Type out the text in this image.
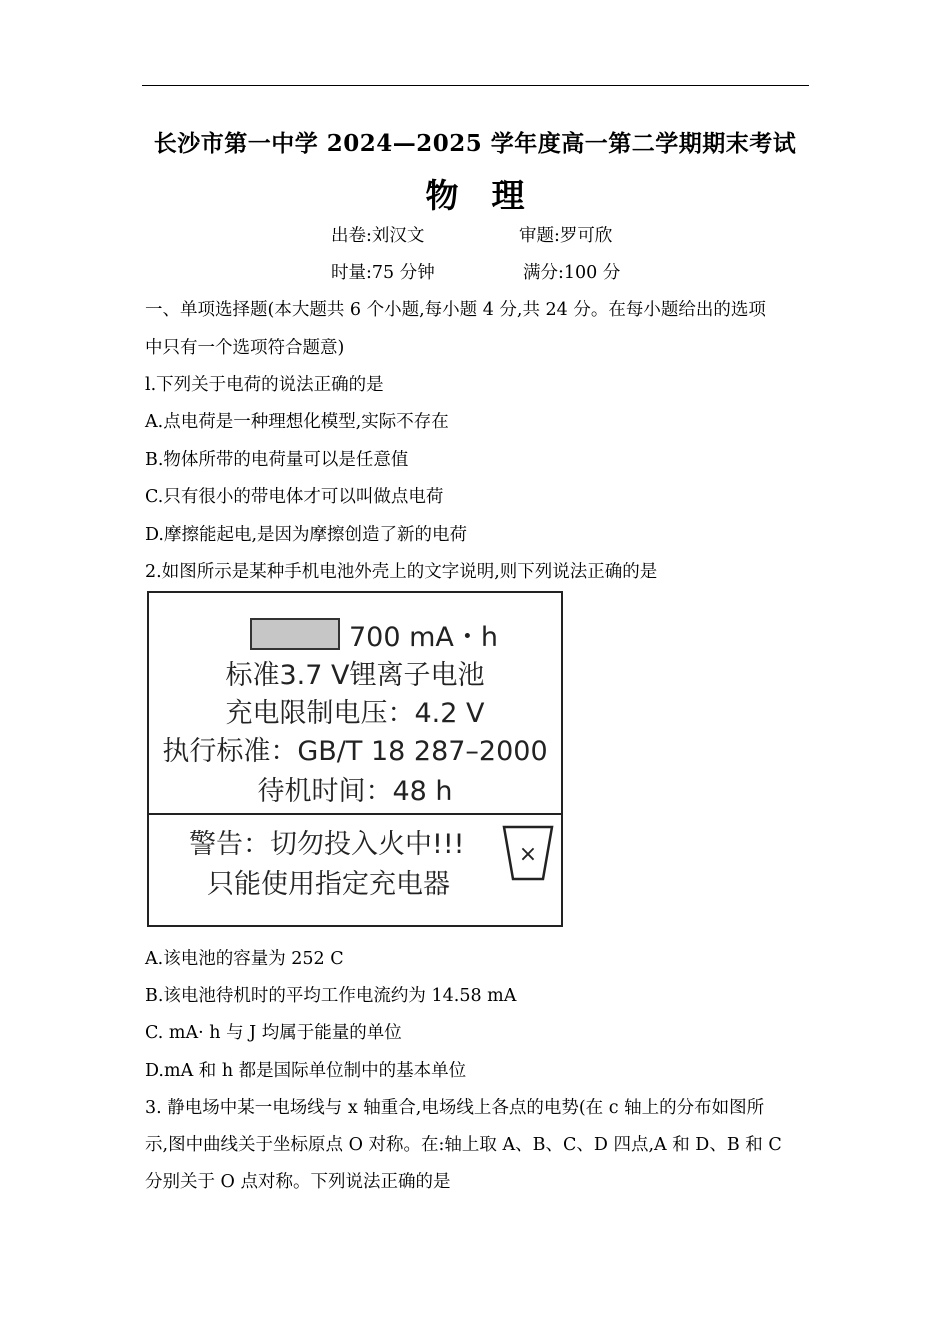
长沙市第一中学 2024—2025 学年度高一第二学期期末考试
物　理
出卷:刘汉文	审题:罗可欣
时量:75 分钟	满分:100 分
一、单项选择题(本大题共 6 个小题,每小题 4 分,共 24 分。在每小题给出的选项
中只有一个选项符合题意)
l.下列关于电荷的说法正确的是
A.点电荷是一种理想化模型,实际不存在
B.物体所带的电荷量可以是任意值
C.只有很小的带电体才可以叫做点电荷
D.摩擦能起电,是因为摩擦创造了新的电荷
2.如图所示是某种手机电池外壳上的文字说明,则下列说法正确的是
700 mA・h
标准3.7 V锂离子电池
充电限制电压：4.2 V
执行标准：GB/T 18 287–2000
待机时间：48 h
警告：切勿投入火中!!!
只能使用指定充电器
×
A.该电池的容量为 252 C
B.该电池待机时的平均工作电流约为 14.58 mA
C. mA· h 与 J 均属于能量的单位
D.mA 和 h 都是国际单位制中的基本单位
3. 静电场中某一电场线与 x 轴重合,电场线上各点的电势(在 c 轴上的分布如图所
示,图中曲线关于坐标原点 O 对称。在:轴上取 A、B、C、D 四点,A 和 D、B 和 C
分别关于 O 点对称。下列说法正确的是
